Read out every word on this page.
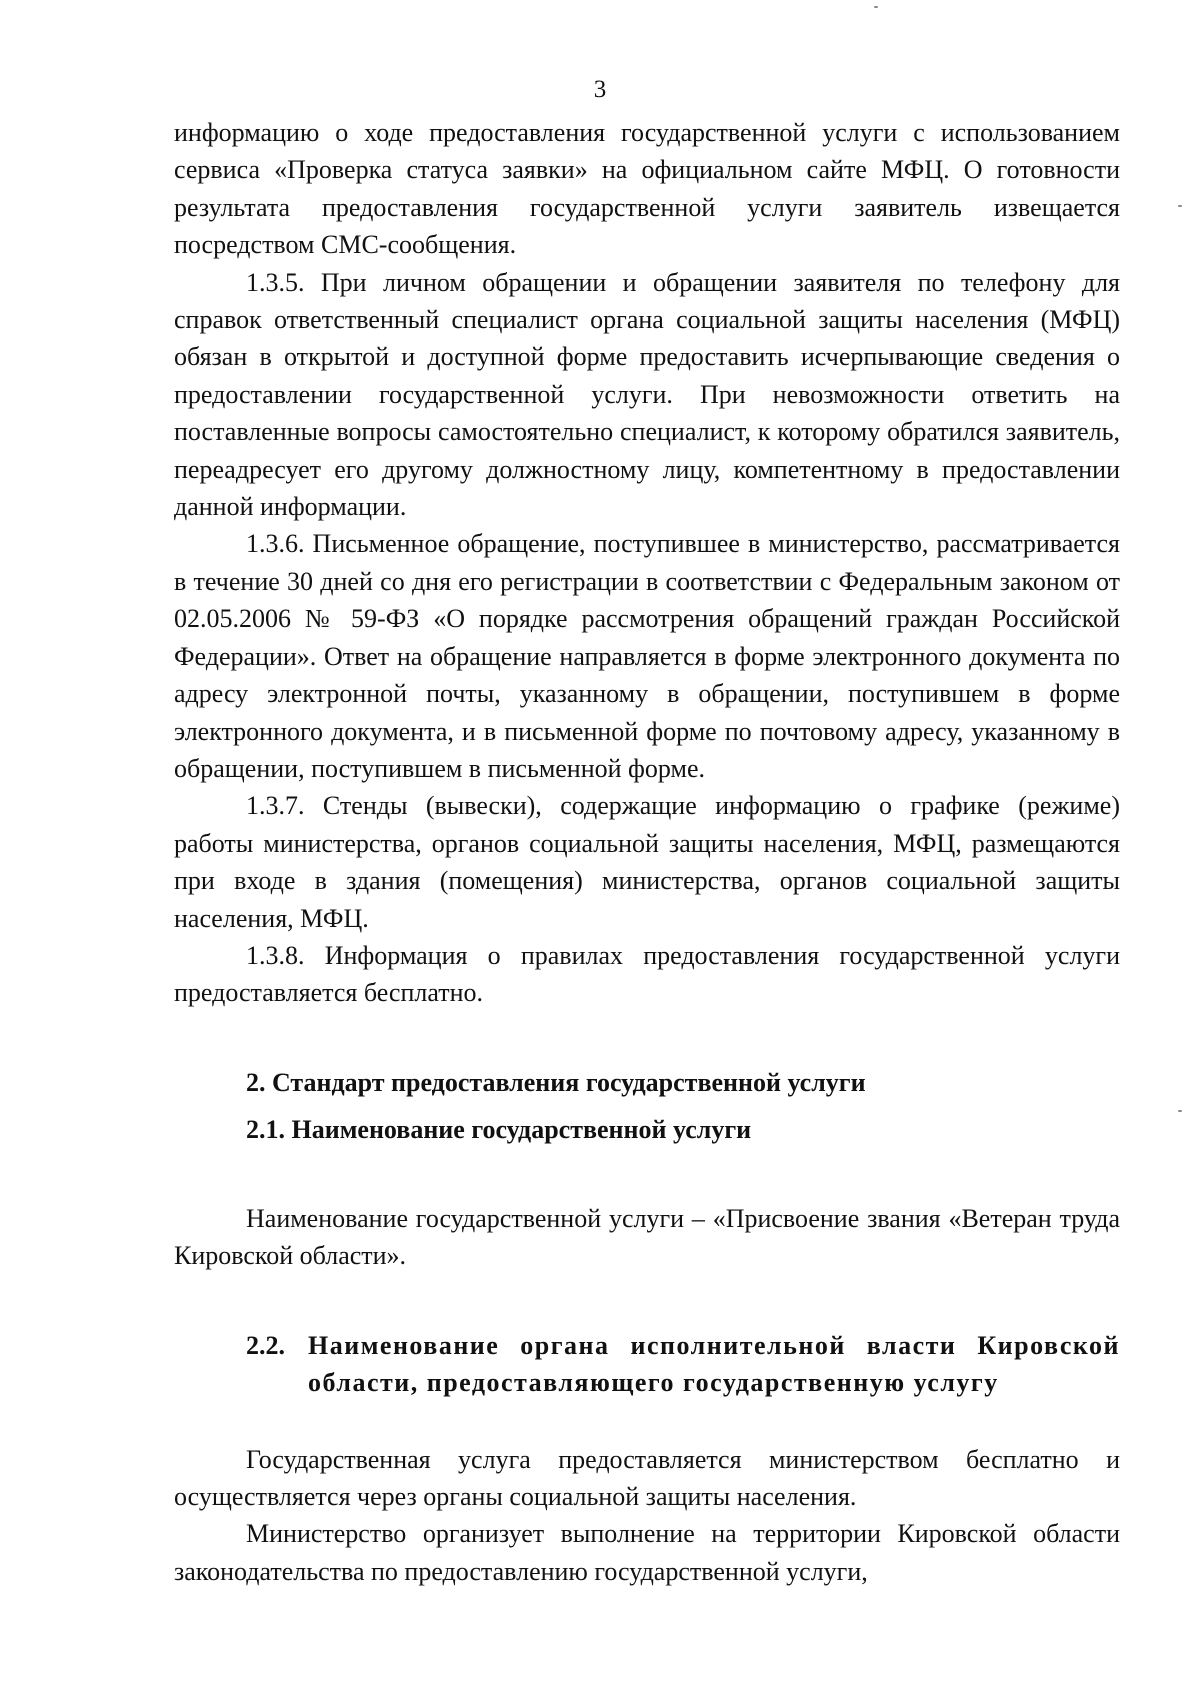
3

информацию о ходе предоставления государственной услуги с использованием сервиса «Проверка статуса заявки» на официальном сайте МФЦ. О готовности результата предоставления государственной услуги заявитель извещается посредством СМС-сообщения.

1.3.5. При личном обращении и обращении заявителя по телефону для справок ответственный специалист органа социальной защиты населения (МФЦ) обязан в открытой и доступной форме предоставить исчерпывающие сведения о предоставлении государственной услуги. При невозможности ответить на поставленные вопросы самостоятельно специалист, к которому обратился заявитель, переадресует его другому должностному лицу, компетентному в предоставлении данной информации.

1.3.6. Письменное обращение, поступившее в министерство, рассматривается в течение 30 дней со дня его регистрации в соответствии с Федеральным законом от 02.05.2006 № 59-ФЗ «О порядке рассмотрения обращений граждан Российской Федерации». Ответ на обращение направляется в форме электронного документа по адресу электронной почты, указанному в обращении, поступившем в форме электронного документа, и в письменной форме по почтовому адресу, указанному в обращении, поступившем в письменной форме.

1.3.7. Стенды (вывески), содержащие информацию о графике (режиме) работы министерства, органов социальной защиты населения, МФЦ, размещаются при входе в здания (помещения) министерства, органов социальной защиты населения, МФЦ.

1.3.8. Информация о правилах предоставления государственной услуги предоставляется бесплатно.

2. Стандарт предоставления государственной услуги

2.1. Наименование государственной услуги

Наименование государственной услуги – «Присвоение звания «Ветеран труда Кировской области».

2.2. Наименование органа исполнительной власти Кировской области, предоставляющего государственную услугу

Государственная услуга предоставляется министерством бесплатно и осуществляется через органы социальной защиты населения.

Министерство организует выполнение на территории Кировской области законодательства по предоставлению государственной услуги,
